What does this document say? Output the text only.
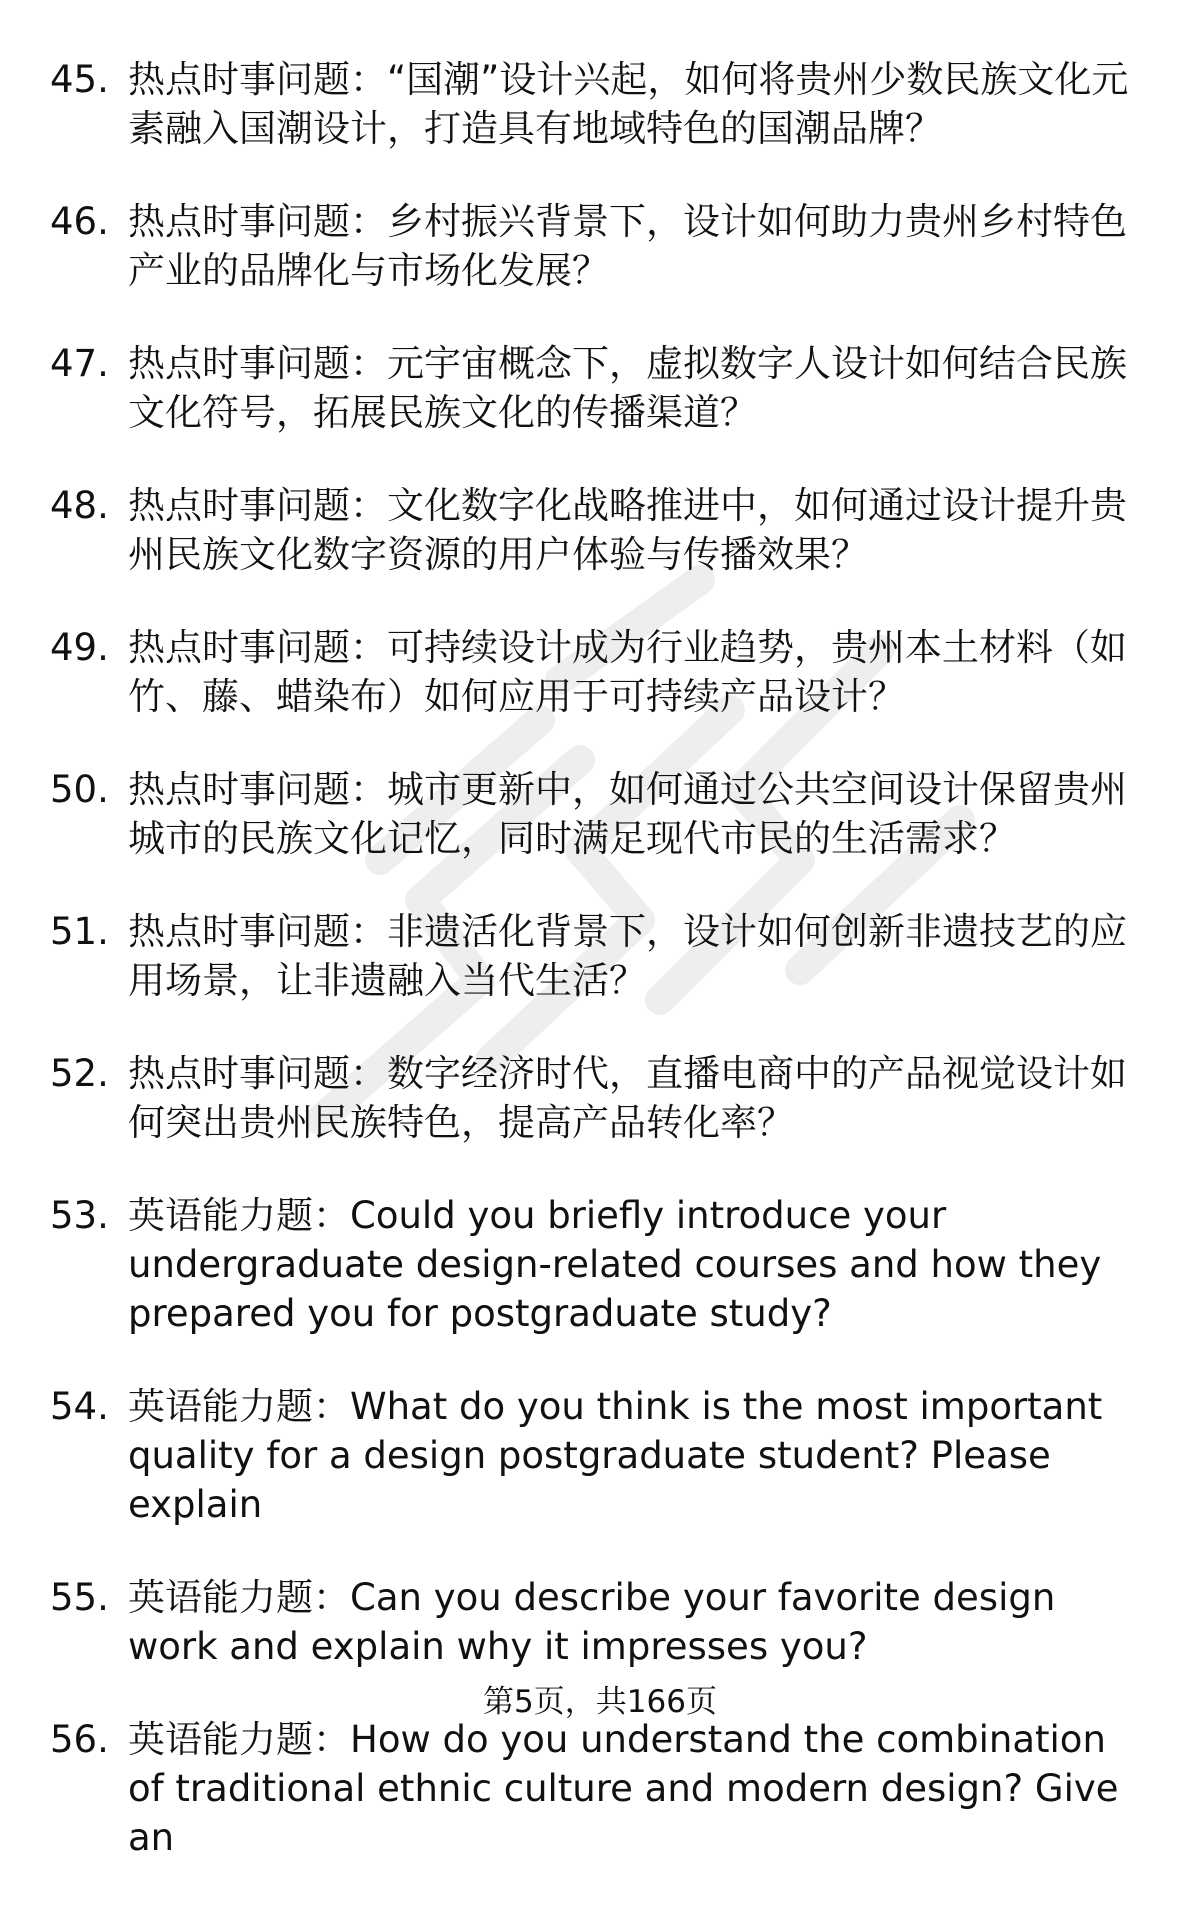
45. 热点时事问题：“国潮”设计兴起，如何将贵州少数民族文化元素融入国潮设计，打造具有地域特色的国潮品牌？
46. 热点时事问题：乡村振兴背景下，设计如何助力贵州乡村特色产业的品牌化与市场化发展？
47. 热点时事问题：元宇宙概念下，虚拟数字人设计如何结合民族文化符号，拓展民族文化的传播渠道？
48. 热点时事问题：文化数字化战略推进中，如何通过设计提升贵州民族文化数字资源的用户体验与传播效果？
49. 热点时事问题：可持续设计成为行业趋势，贵州本土材料（如竹、藤、蜡染布）如何应用于可持续产品设计？
50. 热点时事问题：城市更新中，如何通过公共空间设计保留贵州城市的民族文化记忆，同时满足现代市民的生活需求？
51. 热点时事问题：非遗活化背景下，设计如何创新非遗技艺的应用场景，让非遗融入当代生活？
52. 热点时事问题：数字经济时代，直播电商中的产品视觉设计如何突出贵州民族特色，提高产品转化率？
53. 英语能力题：Could you briefly introduce your undergraduate design-related courses and how they prepared you for postgraduate study?
54. 英语能力题：What do you think is the most important quality for a design postgraduate student? Please explain
55. 英语能力题：Can you describe your favorite design work and explain why it impresses you?
56. 英语能力题：How do you understand the combination of traditional ethnic culture and modern design? Give an
第5页，共166页
